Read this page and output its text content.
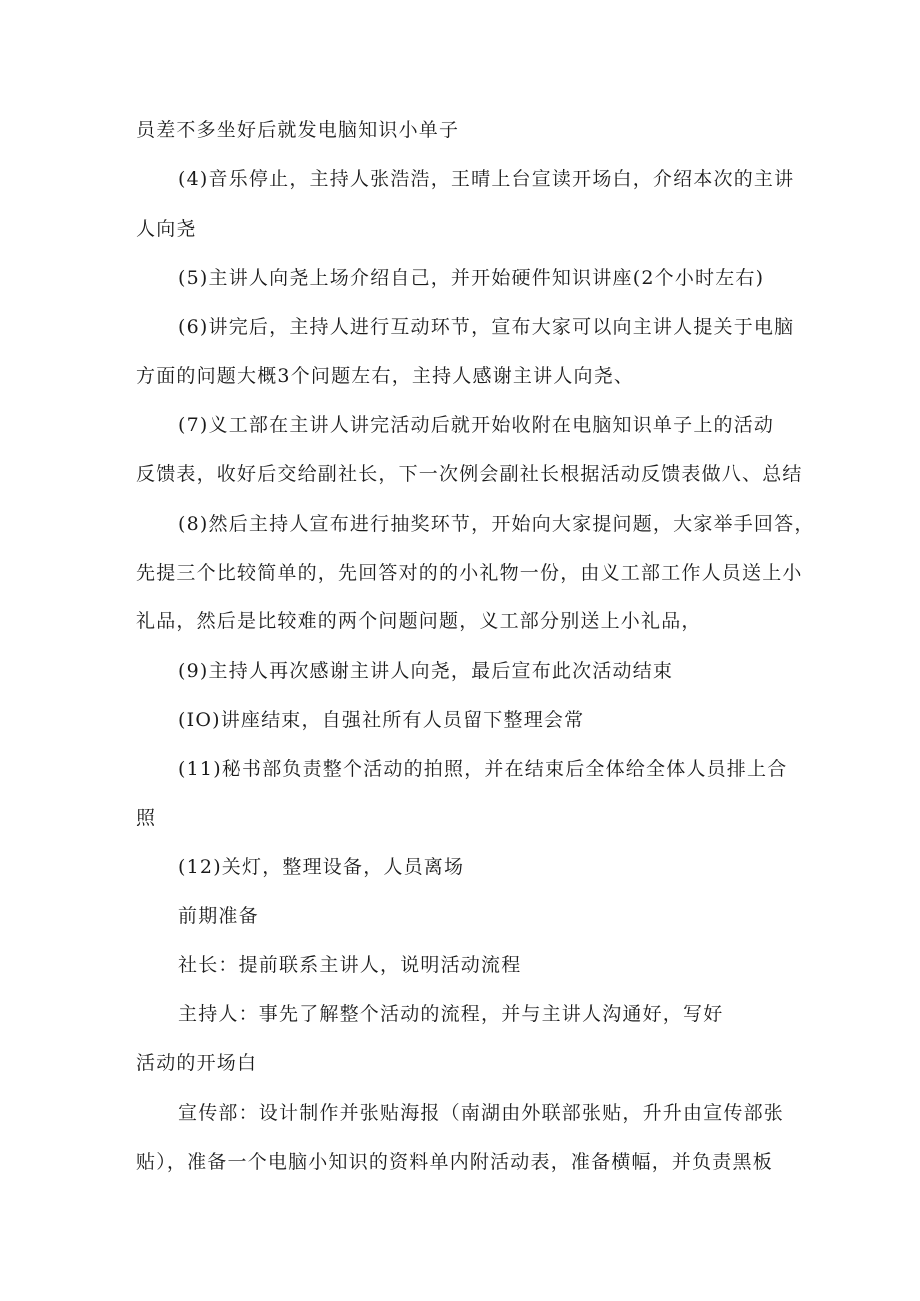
员差不多坐好后就发电脑知识小单子
(4)音乐停止，主持人张浩浩，王晴上台宣读开场白，介绍本次的主讲
人向尧
(5)主讲人向尧上场介绍自己，并开始硬件知识讲座(2个小时左右)
(6)讲完后，主持人进行互动环节，宣布大家可以向主讲人提关于电脑
方面的问题大概3个问题左右，主持人感谢主讲人向尧、
(7)义工部在主讲人讲完活动后就开始收附在电脑知识单子上的活动
反馈表，收好后交给副社长，下一次例会副社长根据活动反馈表做八、总结
(8)然后主持人宣布进行抽奖环节，开始向大家提问题，大家举手回答，
先提三个比较简单的，先回答对的的小礼物一份，由义工部工作人员送上小
礼品，然后是比较难的两个问题问题，义工部分别送上小礼品，
(9)主持人再次感谢主讲人向尧，最后宣布此次活动结束
(IO)讲座结束，自强社所有人员留下整理会常
(11)秘书部负责整个活动的拍照，并在结束后全体给全体人员排上合
照
(12)关灯，整理设备，人员离场
前期准备
社长：提前联系主讲人，说明活动流程
主持人：事先了解整个活动的流程，并与主讲人沟通好，写好
活动的开场白
宣传部：设计制作并张贴海报（南湖由外联部张贴，升升由宣传部张
贴），准备一个电脑小知识的资料单内附活动表，准备横幅，并负责黑板
